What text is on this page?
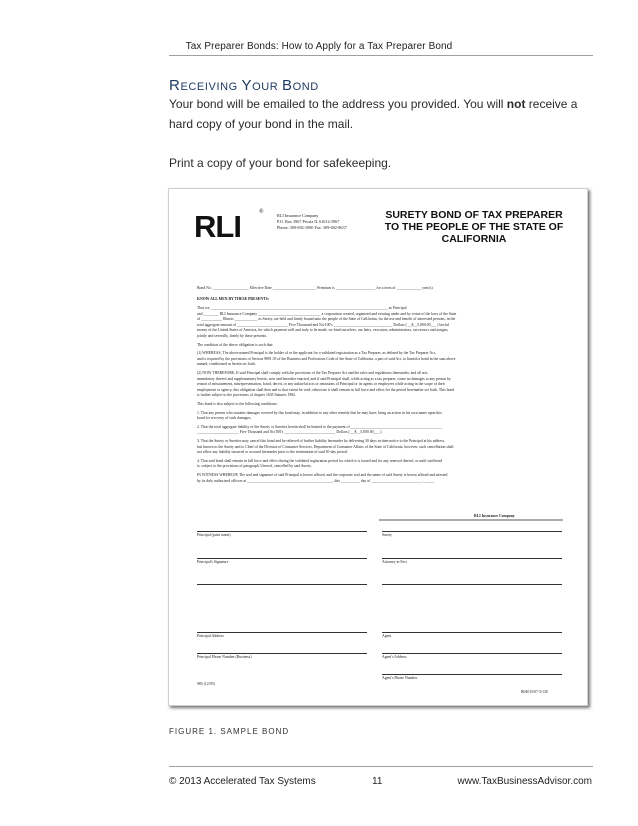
Tax Preparer Bonds: How to Apply for a Tax Preparer Bond
RECEIVING YOUR BOND
Your bond will be emailed to the address you provided. You will not receive a hard copy of your bond in the mail.
Print a copy of your bond for safekeeping.
RLI	®
RLI Insurance Company
P.O. Box 3967 Peoria IL 61612-3967
Phone: 309-692-1000 Fax: 309-692-8637
SURETY BOND OF TAX PREPARER
TO THE PEOPLE OF THE STATE OF
CALIFORNIA
Bond No. ___________________ Effective Date _______________________ Premium is _____________________ for a term of _____________ year(s)
KNOW ALL MEN BY THESE PRESENTS:
That we, _____________________________________________________________________________________________ as Principal
and ________ RLI Insurance Company _________________________________ a corporation created, organized and existing under and by virtue of the laws of the State
of ___________ Illinois ____________ as Surety, are held and firmly bound unto the people of the State of California, for the use and benefit of interested persons, in the
total aggregate amount of ___________________________ Five Thousand and No/100's _______________________________ Dollars ( __$__5,000.00___ ) lawful
money of the United States of America, for which payment well and truly to be made, we bind ourselves, our heirs, executors, administrators, successors and assigns,
jointly and severally, firmly by these presents.
The condition of the above obligation is such that:
(1) WHEREAS, The above named Principal is the holder of or the applicant for a validated registration as a Tax Preparer, as defined by the Tax Preparer Act,
and is required by the provisions of Section 9891.35 of the Business and Professions Code of the State of California, a part of said Act, to furnish a bond in the sum above
named, conditioned as herein set forth.
(2) NOW THEREFORE, If said Principal shall comply with the provisions of the Tax Preparer Act and the rules and regulations thereunder, and all acts
amendatory thereof and supplementary hereto, now and hereafter enacted, and if said Principal shall, while acting as a tax preparer, cause no damages to any person by
reason of misstatement, misrepresentation, fraud, deceit, or any unlawful acts or omissions of Principal or its agents or employees while acting in the scope of their
employment or agency, this obligation shall then and to that extent be void; otherwise it shall remain in full force and effect for the period hereinafter set forth. This bond
is further subject to the provisions of chapter 1635 Statutes 1982.
This bond is also subject to the following conditions:
1. That any person who sustains damages covered by this bond may, in addition to any other remedy that he may have, bring an action in his own name upon this
bond for recovery of such damages.
2. That the total aggregate liability of the Surety or Sureties herein shall be limited to the payment of ________________________________________________
______________________ Five Thousand and No/100's ___________________________ Dollars ( __$__5,000.00___ ).
3. That the Surety or Sureties may cancel this bond and be relieved of further liability hereunder by delivering 30 days written notice to the Principal at his address
last known to the Surety and to Chief of the Division of Consumer Services, Department of Consumer Affairs of the State of California, however, such cancellation shall
not affect any liability incurred or accrued hereunder prior to the termination of said 30-day period.
4. That said bond shall remain in full force and effect during the validated registration period for which it is issued and for any renewal thereof, or until said bond
is, subject to the provisions of paragraph 3 hereof, cancelled by said Surety.
IN WITNESS WHEREOF, The seal and signature of said Principal is hereto affixed, and the corporate seal and the name of said Surety is hereto affixed and attested
by its duly authorized officers at _____________________________________________, this __________ day of ___________________________, _____
RLI Insurance Company
Principal (print name)	Surety
Principal's Signature	Attorney in Fact
Principal Address	Agent
Principal Phone Number (Business)	Agent's Address
Agent's Phone Number
985 (12/95)
B04015/07-3/130
FIGURE 1. SAMPLE BOND
© 2013 Accelerated Tax Systems	11	www.TaxBusinessAdvisor.com
